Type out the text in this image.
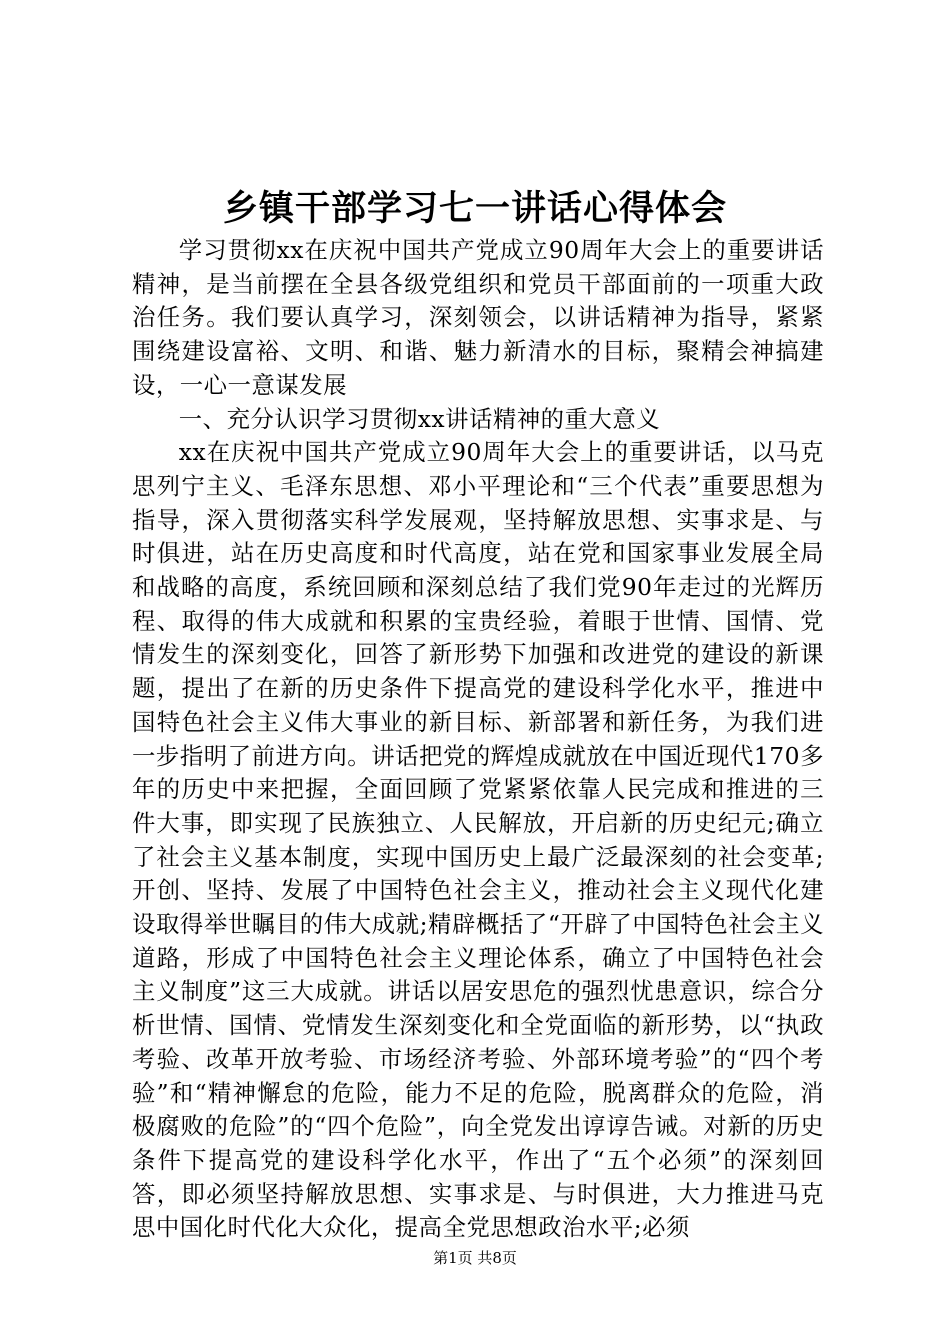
乡镇干部学习七一讲话心得体会

学习贯彻xx在庆祝中国共产党成立90周年大会上的重要讲话精神，是当前摆在全县各级党组织和党员干部面前的一项重大政治任务。我们要认真学习，深刻领会，以讲话精神为指导，紧紧围绕建设富裕、文明、和谐、魅力新清水的目标，聚精会神搞建设，一心一意谋发展

一、充分认识学习贯彻xx讲话精神的重大意义

xx在庆祝中国共产党成立90周年大会上的重要讲话，以马克思列宁主义、毛泽东思想、邓小平理论和“三个代表”重要思想为指导，深入贯彻落实科学发展观，坚持解放思想、实事求是、与时俱进，站在历史高度和时代高度，站在党和国家事业发展全局和战略的高度，系统回顾和深刻总结了我们党90年走过的光辉历程、取得的伟大成就和积累的宝贵经验，着眼于世情、国情、党情发生的深刻变化，回答了新形势下加强和改进党的建设的新课题，提出了在新的历史条件下提高党的建设科学化水平，推进中国特色社会主义伟大事业的新目标、新部署和新任务，为我们进一步指明了前进方向。讲话把党的辉煌成就放在中国近现代170多年的历史中来把握，全面回顾了党紧紧依靠人民完成和推进的三件大事，即实现了民族独立、人民解放，开启新的历史纪元;确立了社会主义基本制度，实现中国历史上最广泛最深刻的社会变革;开创、坚持、发展了中国特色社会主义，推动社会主义现代化建设取得举世瞩目的伟大成就;精辟概括了“开辟了中国特色社会主义道路，形成了中国特色社会主义理论体系，确立了中国特色社会主义制度”这三大成就。讲话以居安思危的强烈忧患意识，综合分析世情、国情、党情发生深刻变化和全党面临的新形势，以“执政考验、改革开放考验、市场经济考验、外部环境考验”的“四个考验”和“精神懈怠的危险，能力不足的危险，脱离群众的危险，消极腐败的危险”的“四个危险”，向全党发出谆谆告诫。对新的历史条件下提高党的建设科学化水平，作出了“五个必须”的深刻回答，即必须坚持解放思想、实事求是、与时俱进，大力推进马克思中国化时代化大众化，提高全党思想政治水平;必须

第1页 共8页
